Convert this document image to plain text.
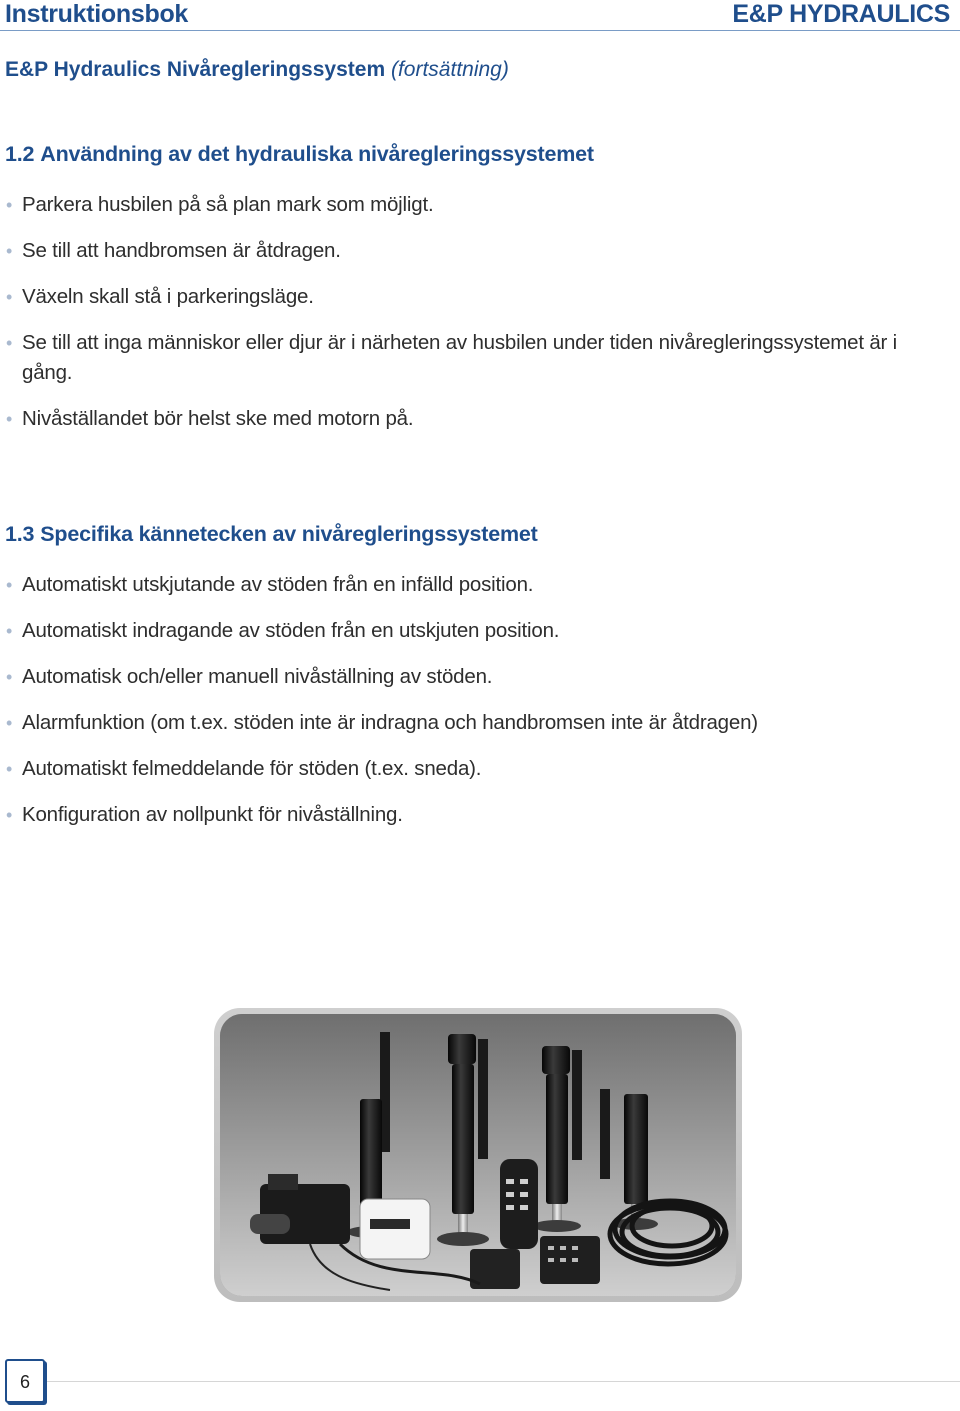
Instruktionsbok	E&P HYDRAULICS
E&P Hydraulics Nivåregleringssystem (fortsättning)
1.2 Användning av det hydrauliska nivåregleringssystemet
• Parkera husbilen på så plan mark som möjligt.
• Se till att handbromsen är åtdragen.
• Växeln skall stå i parkeringsläge.
• Se till att inga människor eller djur är i närheten av husbilen under tiden nivåregleringssystemet är i gång.
• Nivåställandet bör helst ske med motorn på.
1.3 Specifika kännetecken av nivåregleringssystemet
• Automatiskt utskjutande av stöden från en infälld position.
• Automatiskt indragande av stöden från en utskjuten position.
• Automatisk och/eller manuell nivåställning av stöden.
• Alarmfunktion (om t.ex. stöden inte är indragna och handbromsen inte är åtdragen)
• Automatiskt felmeddelande för stöden (t.ex. sneda).
• Konfiguration av nollpunkt för nivåställning.
6
